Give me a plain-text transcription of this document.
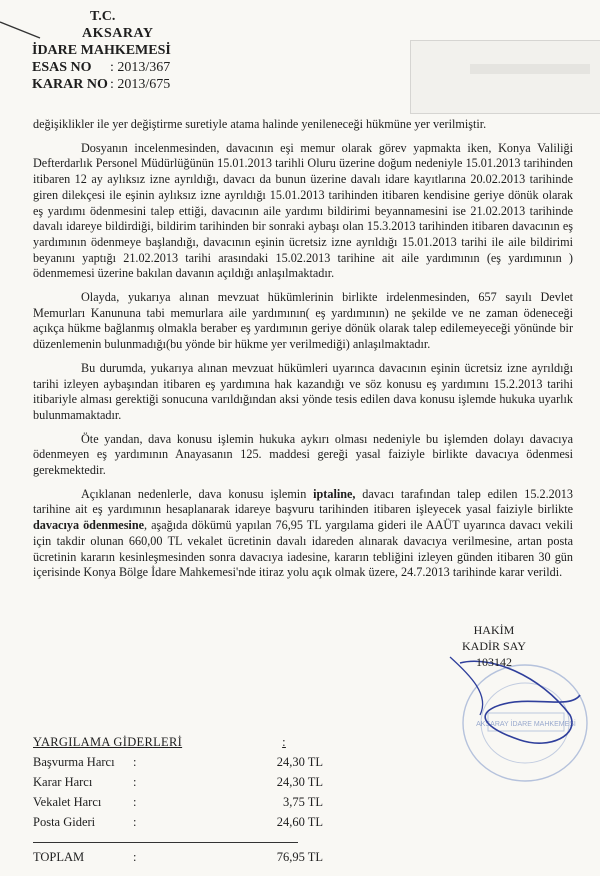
T.C.
AKSARAY
İDARE MAHKEMESİ
ESAS NO : 2013/367
KARAR NO : 2013/675

değişiklikler ile yer değiştirme suretiyle atama halinde yenileneceği hükmüne yer verilmiştir.

Dosyanın incelenmesinden, davacının eşi memur olarak görev yapmakta iken, Konya Valiliği Defterdarlık Personel Müdürlüğünün 15.01.2013 tarihli Oluru üzerine doğum nedeniyle 15.01.2013 tarihinden itibaren 12 ay aylıksız izne ayrıldığı, davacı da bunun üzerine davalı idare kayıtlarına 20.02.2013 tarihinde giren dilekçesi ile eşinin aylıksız izne ayrıldığı 15.01.2013 tarihinden itibaren kendisine geriye dönük olarak eş yardımı ödenmesini talep ettiği, davacının aile yardımı bildirimi beyannamesini ise 21.02.2013 tarihinde davalı idareye bildirdiği, bildirim tarihinden bir sonraki aybaşı olan 15.3.2013 tarihinden itibaren davacının eş yardımının ödenmeye başlandığı, davacının eşinin ücretsiz izne ayrıldığı 15.01.2013 tarihi ile aile bildirimi beyanını yaptığı 21.02.2013 tarihi arasındaki 15.02.2013 tarihine ait aile yardımının (eş yardımının ) ödenmemesi üzerine bakılan davanın açıldığı anlaşılmaktadır.

Olayda, yukarıya alınan mevzuat hükümlerinin birlikte irdelenmesinden, 657 sayılı Devlet Memurları Kanununa tabi memurlara aile yardımının( eş yardımının) ne şekilde ve ne zaman ödeneceği açıkça hükme bağlanmış olmakla beraber eş yardımının geriye dönük olarak talep edilemeyeceği yönünde bir düzenlemenin bulunmadığı(bu yönde bir hükme yer verilmediği) anlaşılmaktadır.

Bu durumda, yukarıya alınan mevzuat hükümleri uyarınca davacının eşinin ücretsiz izne ayrıldığı tarihi izleyen aybaşından itibaren eş yardımına hak kazandığı ve söz konusu eş yardımını 15.2.2013 tarihi itibariyle alması gerektiği sonucuna varıldığından aksi yönde tesis edilen dava konusu işlemde hukuka uyarlık bulunmamaktadır.

Öte yandan, dava konusu işlemin hukuka aykırı olması nedeniyle bu işlemden dolayı davacıya ödenmeyen eş yardımının Anayasanın 125. maddesi gereği yasal faiziyle birlikte davacıya ödenmesi gerekmektedir.

Açıklanan nedenlerle, dava konusu işlemin iptaline, davacı tarafından talep edilen 15.2.2013 tarihine ait eş yardımının hesaplanarak idareye başvuru tarihinden itibaren işleyecek yasal faiziyle birlikte davacıya ödenmesine, aşağıda dökümü yapılan 76,95 TL yargılama gideri ile AAÜT uyarınca davacı vekili için takdir olunan 660,00 TL vekalet ücretinin davalı idareden alınarak davacıya verilmesine, artan posta ücretinin kararın kesinleşmesinden sonra davacıya iadesine, kararın tebliğini izleyen günden itibaren 30 gün içerisinde Konya Bölge İdare Mahkemesi'nde itiraz yolu açık olmak üzere, 24.7.2013 tarihinde karar verildi.

AKSARAY İDARE MAHKEMESİ
HAKİM
KADİR SAY
103142
YARGILAMA GİDERLERİ	:
Başvurma Harcı :	24,30 TL
Karar Harcı	:	24,30 TL
Vekalet Harcı	:	3,75 TL
Posta Gideri	:	24,60 TL
TOPLAM	:	76,95 TL
